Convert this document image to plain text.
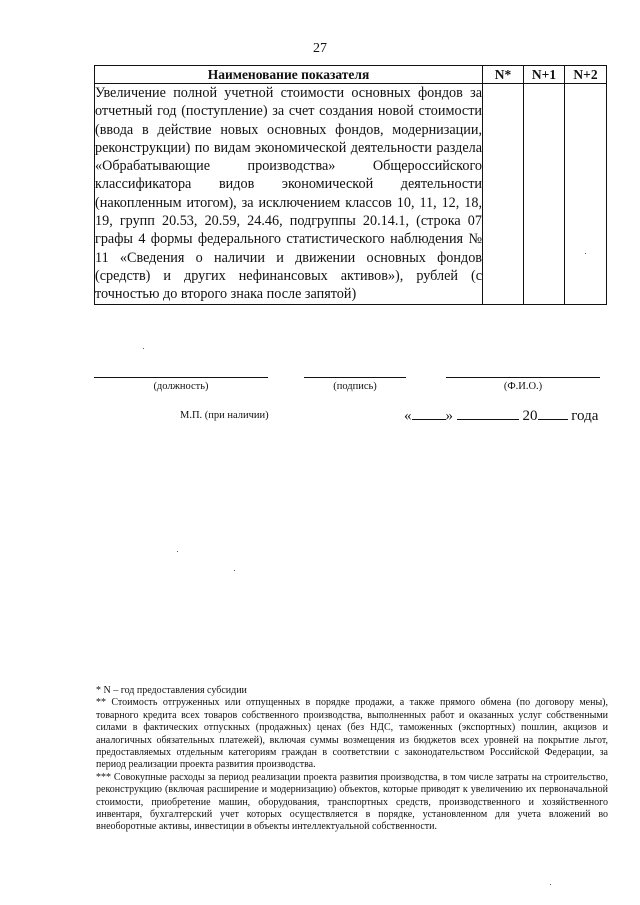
27
Наименование показателя	N*	N+1	N+2
Увеличение полной учетной стоимости основных фондов за отчетный год (поступление) за счет создания новой стоимости (ввода в действие новых основных фондов, модернизации, реконструкции) по видам экономической деятельности раздела «Обрабатывающие производства» Общероссийского классификатора видов экономической деятельности (накопленным итогом), за исключением классов 10, 11, 12, 18, 19, групп 20.53, 20.59, 24.46, подгруппы 20.14.1, (строка 07 графы 4 формы федерального статистического наблюдения № 11 «Сведения о наличии и движении основных фондов (средств) и других нефинансовых активов»), рублей (с точностью до второго знака после запятой)			
(должность)	(подпись)	(Ф.И.О.)
М.П. (при наличии)	« »	20 года

* N – год предоставления субсидии

** Стоимость отгруженных или отпущенных в порядке продажи, а также прямого обмена (по договору мены), товарного кредита всех товаров собственного производства, выполненных работ и оказанных услуг собственными силами в фактических отпускных (продажных) ценах (без НДС, таможенных (экспортных) пошлин, акцизов и аналогичных обязательных платежей), включая суммы возмещения из бюджетов всех уровней на покрытие льгот, предоставляемых отдельным категориям граждан в соответствии с законодательством Российской Федерации, за период реализации проекта развития производства.

*** Совокупные расходы за период реализации проекта развития производства, в том числе затраты на строительство, реконструкцию (включая расширение и модернизацию) объектов, которые приводят к увеличению их первоначальной стоимости, приобретение машин, оборудования, транспортных средств, производственного и хозяйственного инвентаря, бухгалтерский учет которых осуществляется в порядке, установленном для учета вложений во внеоборотные активы, инвестиции в объекты интеллектуальной собственности.
